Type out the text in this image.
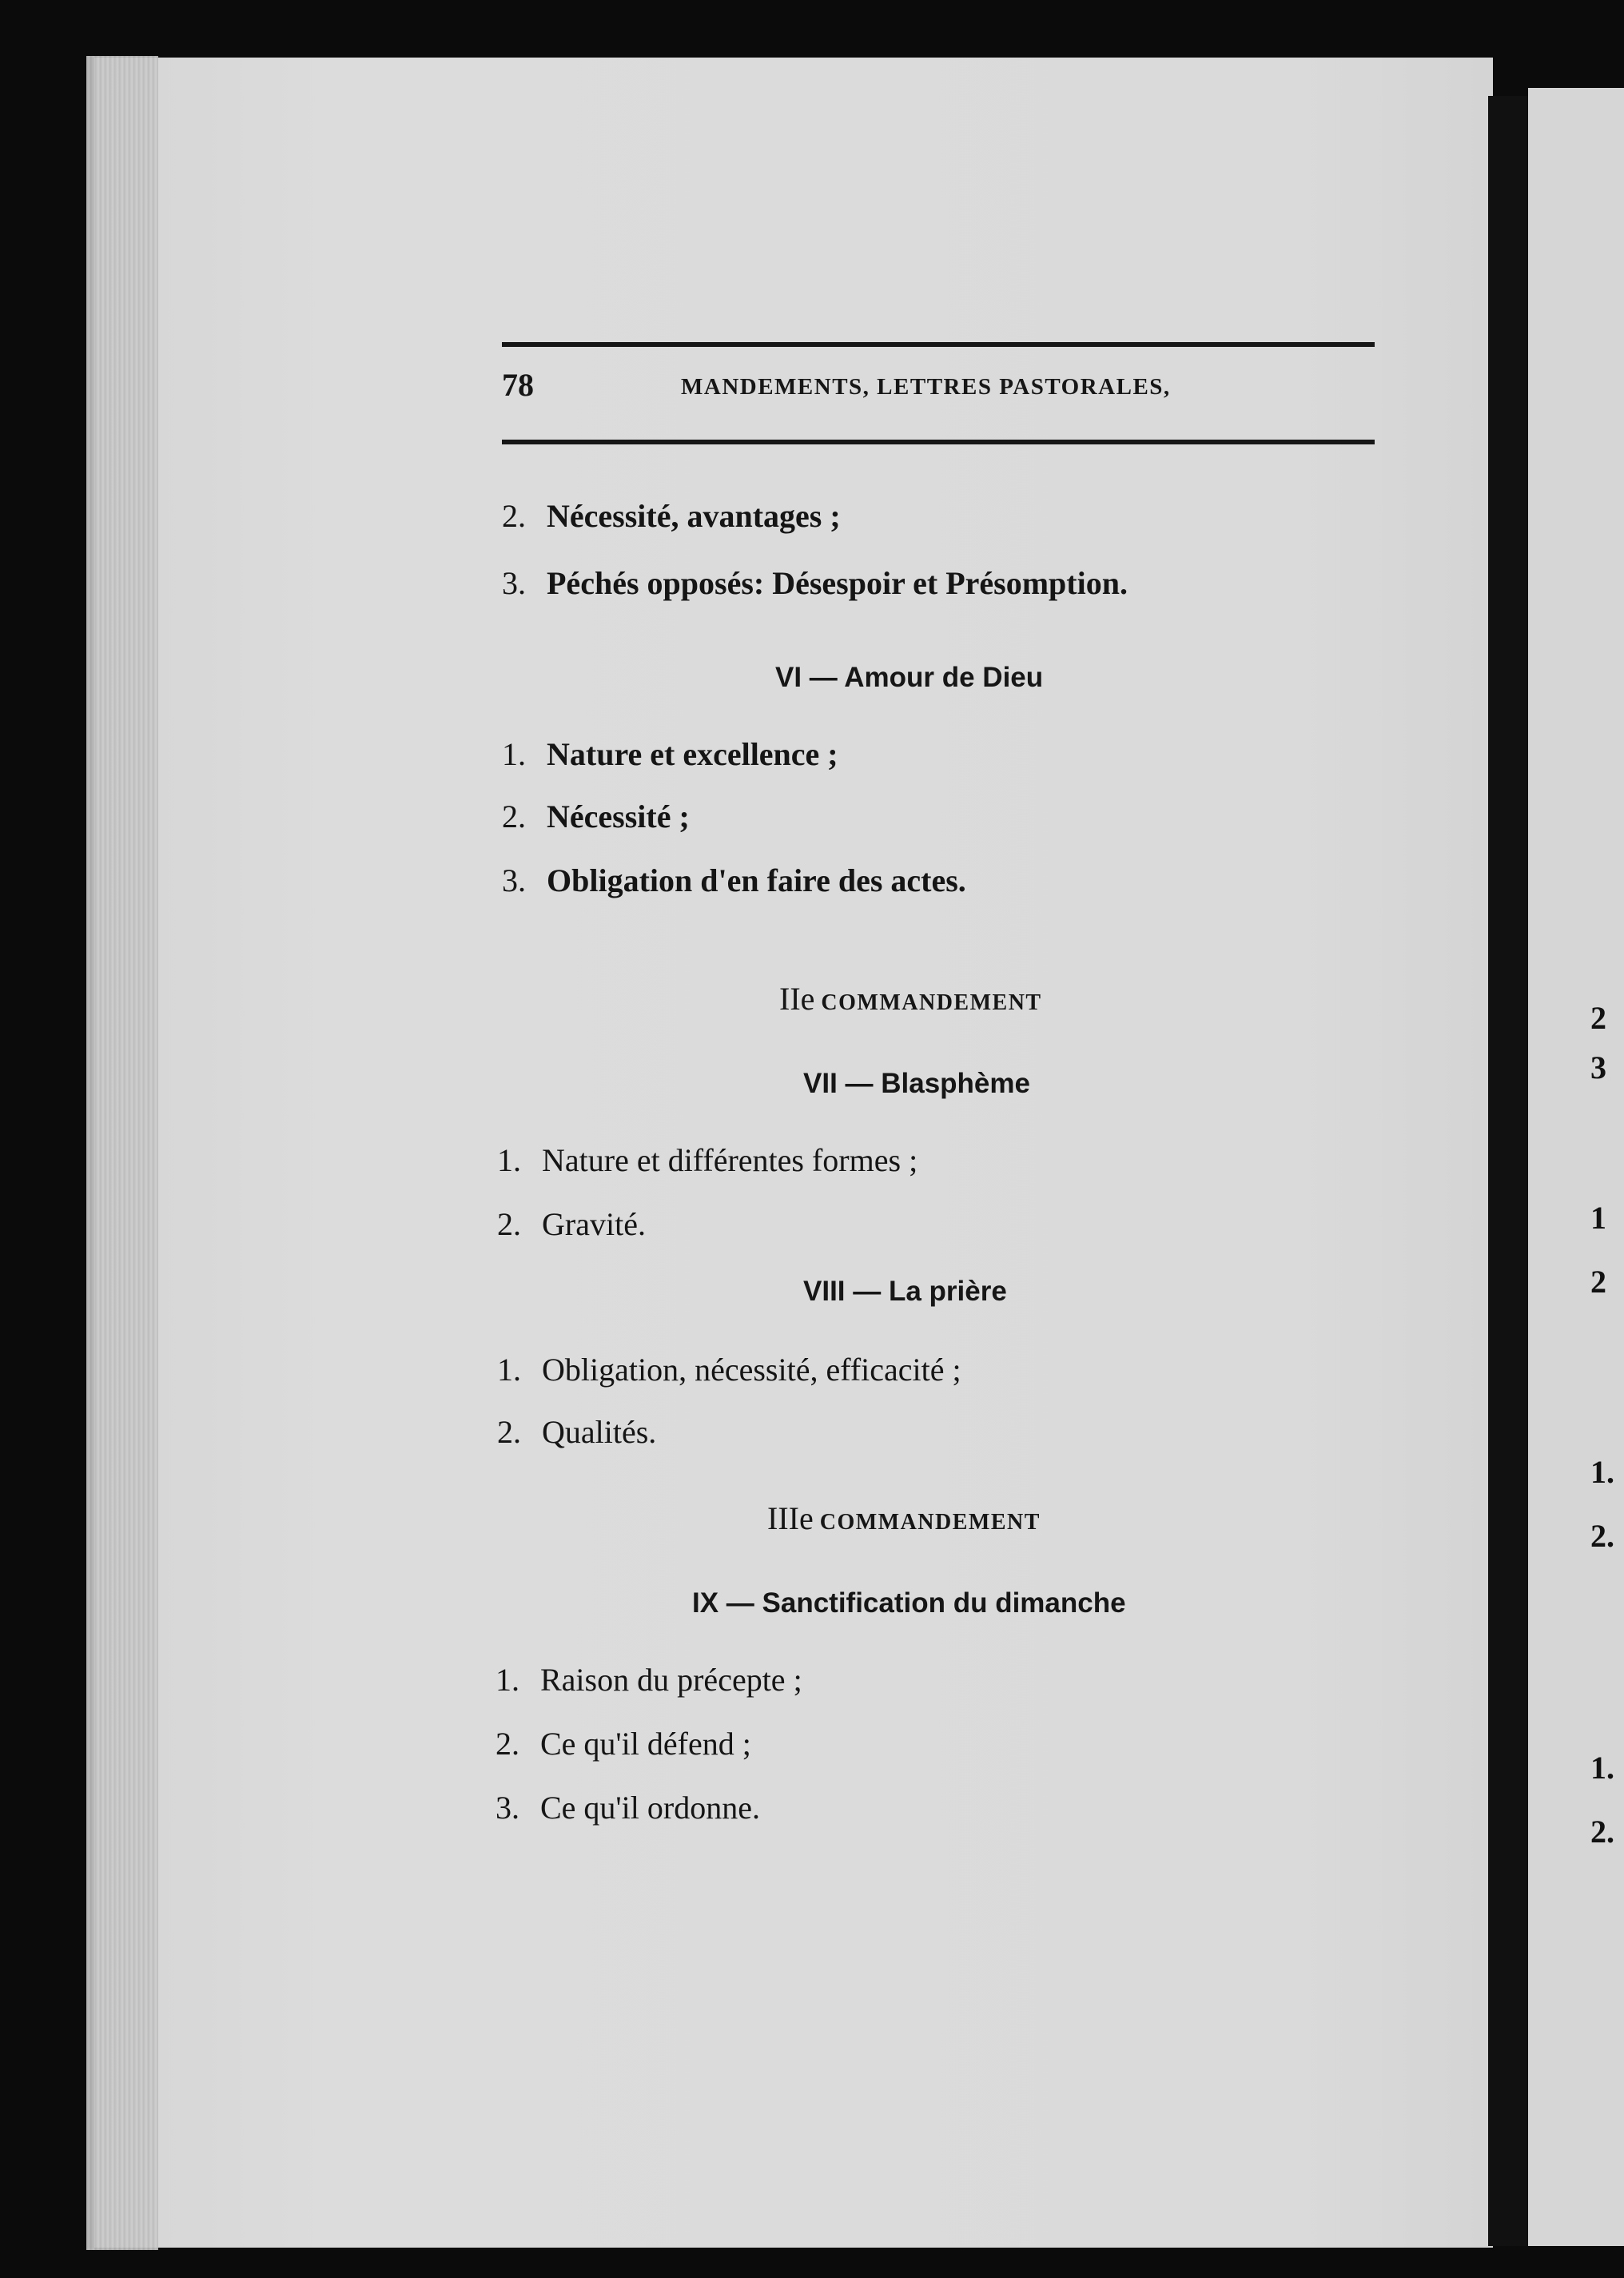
2

3

1

2

1.

2.

1.

2.

78	MANDEMENTS, LETTRES PASTORALES,

2. Nécessité, avantages ;

3. Péchés opposés: Désespoir et Présomption.

VI — Amour de Dieu

1. Nature et excellence ;

2. Nécessité ;

3. Obligation d'en faire des actes.

IIe COMMANDEMENT

VII — Blasphème

1. Nature et différentes formes ;

2. Gravité.

VIII — La prière

1. Obligation, nécessité, efficacité ;

2. Qualités.

IIIe COMMANDEMENT

IX — Sanctification du dimanche

1. Raison du précepte ;

2. Ce qu'il défend ;

3. Ce qu'il ordonne.
